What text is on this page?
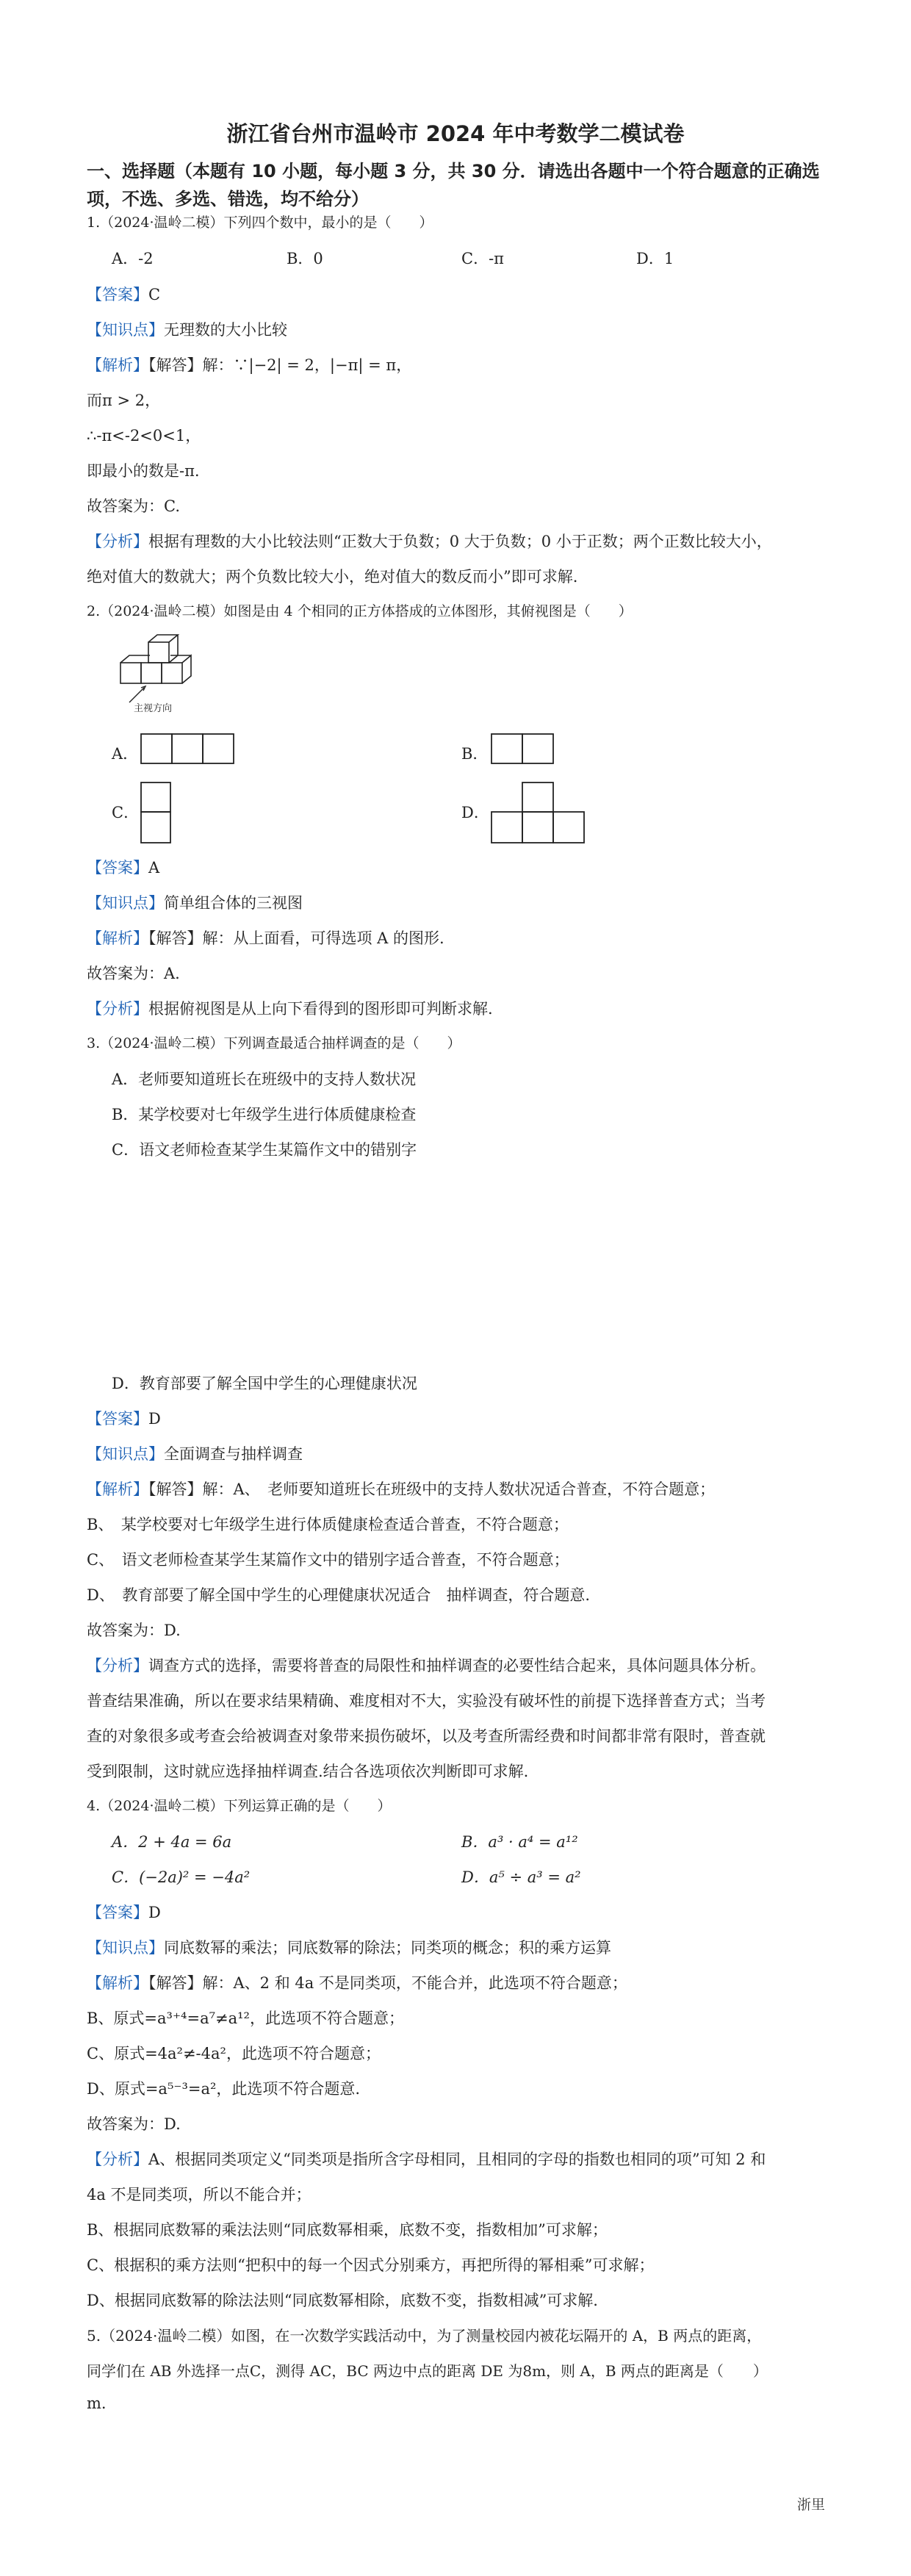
浙江省台州市温岭市 2024 年中考数学二模试卷
一、选择题（本题有 10 小题，每小题 3 分，共 30 分．请选出各题中一个符合题意的正确选项，不选、多选、错选，均不给分）
1.（2024·温岭二模）下列四个数中，最小的是（　　）
A．-2	B．0	C．-π	D．1
【答案】C
【知识点】无理数的大小比较
【解析】【解答】解：∵|−2| = 2，|−π| = π，
而π > 2，
∴-π<-2<0<1，
即最小的数是-π.
故答案为：C.
【分析】根据有理数的大小比较法则“正数大于负数；0 大于负数；0 小于正数；两个正数比较大小，
绝对值大的数就大；两个负数比较大小，绝对值大的数反而小”即可求解.
2.（2024·温岭二模）如图是由 4 个相同的正方体搭成的立体图形，其俯视图是（　　）
主视方向
A．	B．
C．	D．
【答案】A
【知识点】简单组合体的三视图
【解析】【解答】解：从上面看，可得选项 A 的图形.
故答案为：A.
【分析】根据俯视图是从上向下看得到的图形即可判断求解.
3.（2024·温岭二模）下列调查最适合抽样调查的是（　　）
A．老师要知道班长在班级中的支持人数状况
B．某学校要对七年级学生进行体质健康检查
C．语文老师检查某学生某篇作文中的错别字
D．教育部要了解全国中学生的心理健康状况
【答案】D
【知识点】全面调查与抽样调查
【解析】【解答】解：A、　老师要知道班长在班级中的支持人数状况适合普查，不符合题意；
B、　某学校要对七年级学生进行体质健康检查适合普查，不符合题意；
C、　语文老师检查某学生某篇作文中的错别字适合普查，不符合题意；
D、　教育部要了解全国中学生的心理健康状况适合　抽样调查，符合题意.
故答案为：D.
【分析】调查方式的选择，需要将普查的局限性和抽样调查的必要性结合起来，具体问题具体分析。
普查结果准确，所以在要求结果精确、难度相对不大，实验没有破坏性的前提下选择普查方式；当考
查的对象很多或考查会给被调查对象带来损伤破坏，以及考查所需经费和时间都非常有限时，普查就
受到限制，这时就应选择抽样调查.结合各选项依次判断即可求解.
4.（2024·温岭二模）下列运算正确的是（　　）
A．2 + 4a = 6a	B．a³ · a⁴ = a¹²
C．(−2a)² = −4a²	D．a⁵ ÷ a³ = a²
【答案】D
【知识点】同底数幂的乘法；同底数幂的除法；同类项的概念；积的乘方运算
【解析】【解答】解：A、2 和 4a 不是同类项，不能合并，此选项不符合题意；
B、原式=a³⁺⁴=a⁷≠a¹²，此选项不符合题意；
C、原式=4a²≠-4a²，此选项不符合题意；
D、原式=a⁵⁻³=a²，此选项不符合题意.
故答案为：D.
【分析】A、根据同类项定义“同类项是指所含字母相同，且相同的字母的指数也相同的项”可知 2 和
4a 不是同类项，所以不能合并；
B、根据同底数幂的乘法法则“同底数幂相乘，底数不变，指数相加”可求解；
C、根据积的乘方法则“把积中的每一个因式分别乘方，再把所得的幂相乘”可求解；
D、根据同底数幂的除法法则“同底数幂相除，底数不变，指数相减”可求解.
5.（2024·温岭二模）如图，在一次数学实践活动中，为了测量校园内被花坛隔开的 A，B 两点的距离，
同学们在 AB 外选择一点C，测得 AC，BC 两边中点的距离 DE 为8m，则 A，B 两点的距离是（　　）
m.
浙里
